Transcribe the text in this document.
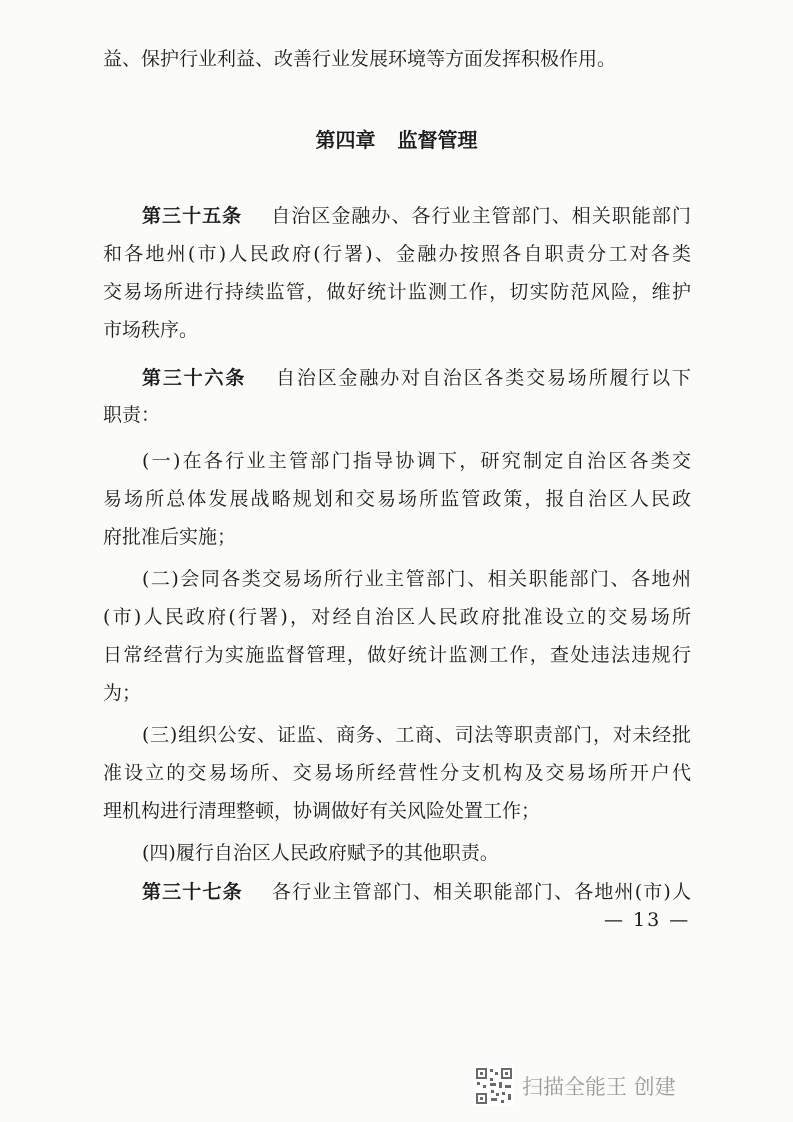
益、保护行业利益、改善行业发展环境等方面发挥积极作用。
第四章 监督管理
第三十五条 自治区金融办、各行业主管部门、相关职能部门
和各地州(市)人民政府(行署)、金融办按照各自职责分工对各类
交易场所进行持续监管，做好统计监测工作，切实防范风险，维护
市场秩序。
第三十六条 自治区金融办对自治区各类交易场所履行以下
职责：
(一)在各行业主管部门指导协调下，研究制定自治区各类交
易场所总体发展战略规划和交易场所监管政策，报自治区人民政
府批准后实施；
(二)会同各类交易场所行业主管部门、相关职能部门、各地州
(市)人民政府(行署)，对经自治区人民政府批准设立的交易场所
日常经营行为实施监督管理，做好统计监测工作，查处违法违规行
为；
(三)组织公安、证监、商务、工商、司法等职责部门，对未经批
准设立的交易场所、交易场所经营性分支机构及交易场所开户代
理机构进行清理整顿，协调做好有关风险处置工作；
(四)履行自治区人民政府赋予的其他职责。
第三十七条 各行业主管部门、相关职能部门、各地州(市)人
— 13 —
扫描全能王 创建
